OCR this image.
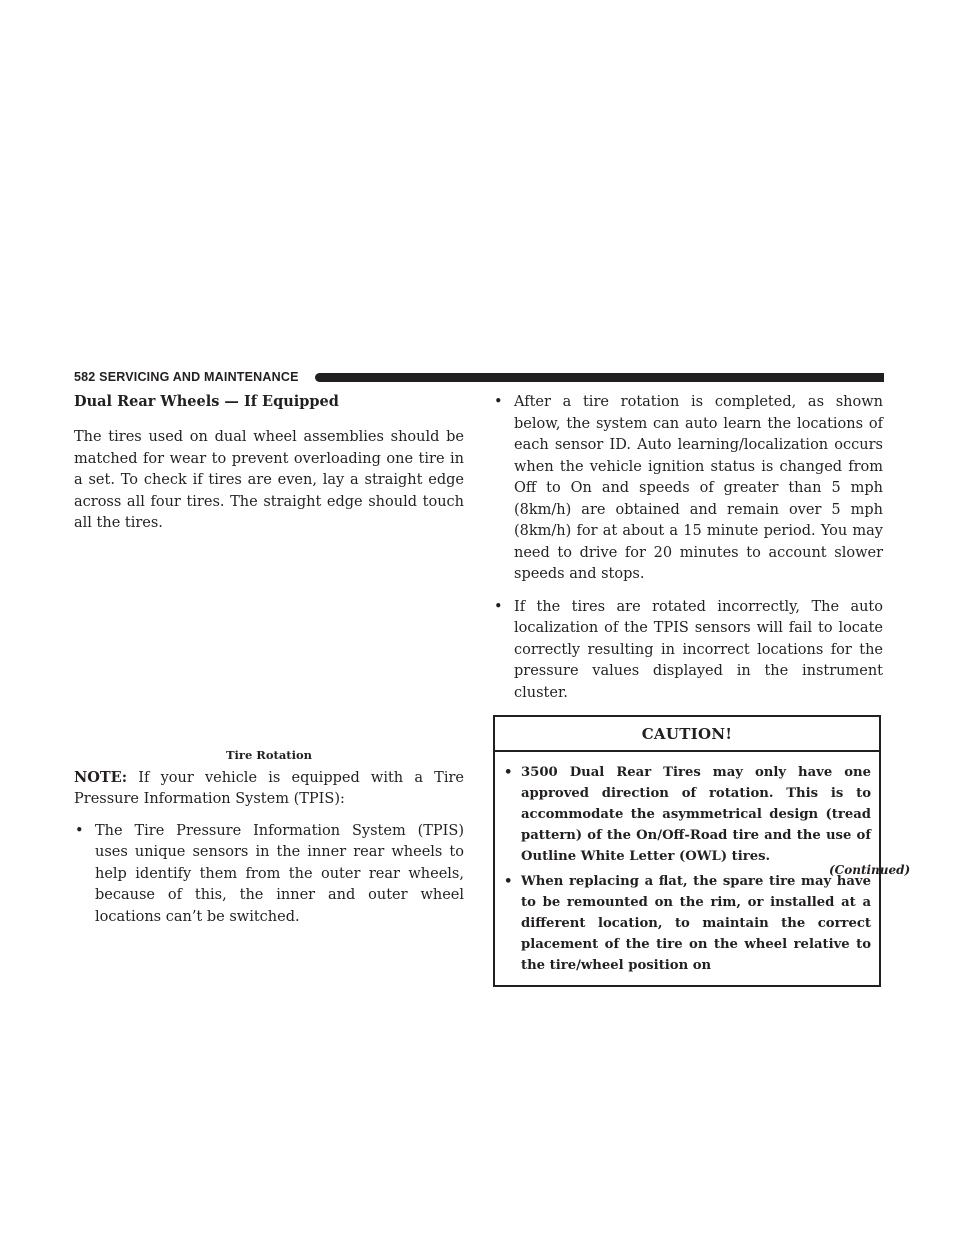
582 SERVICING AND MAINTENANCE
Dual Rear Wheels — If Equipped

The tires used on dual wheel assemblies should be matched for wear to prevent overloading one tire in a set. To check if tires are even, lay a straight edge across all four tires. The straight edge should touch all the tires.

Tire Rotation

NOTE: If your vehicle is equipped with a Tire Pressure Information System (TPIS):

• The Tire Pressure Information System (TPIS) uses unique sensors in the inner rear wheels to help identify them from the outer rear wheels, because of this, the inner and outer wheel locations can’t be switched.
• After a tire rotation is completed, as shown below, the system can auto learn the locations of each sensor ID. Auto learning/localization occurs when the vehicle ignition status is changed from Off to On and speeds of greater than 5 mph (8km/h) are obtained and remain over 5 mph (8km/h) for at about a 15 minute period. You may need to drive for 20 minutes to account slower speeds and stops.
• If the tires are rotated incorrectly, The auto localization of the TPIS sensors will fail to locate correctly resulting in incorrect locations for the pressure values displayed in the instrument cluster.
CAUTION!
• 3500 Dual Rear Tires may only have one approved direction of rotation. This is to accommodate the asymmetrical design (tread pattern) of the On/Off-Road tire and the use of Outline White Letter (OWL) tires.
• When replacing a flat, the spare tire may have to be remounted on the rim, or installed at a different location, to maintain the correct placement of the tire on the wheel relative to the tire/wheel position on
(Continued)
